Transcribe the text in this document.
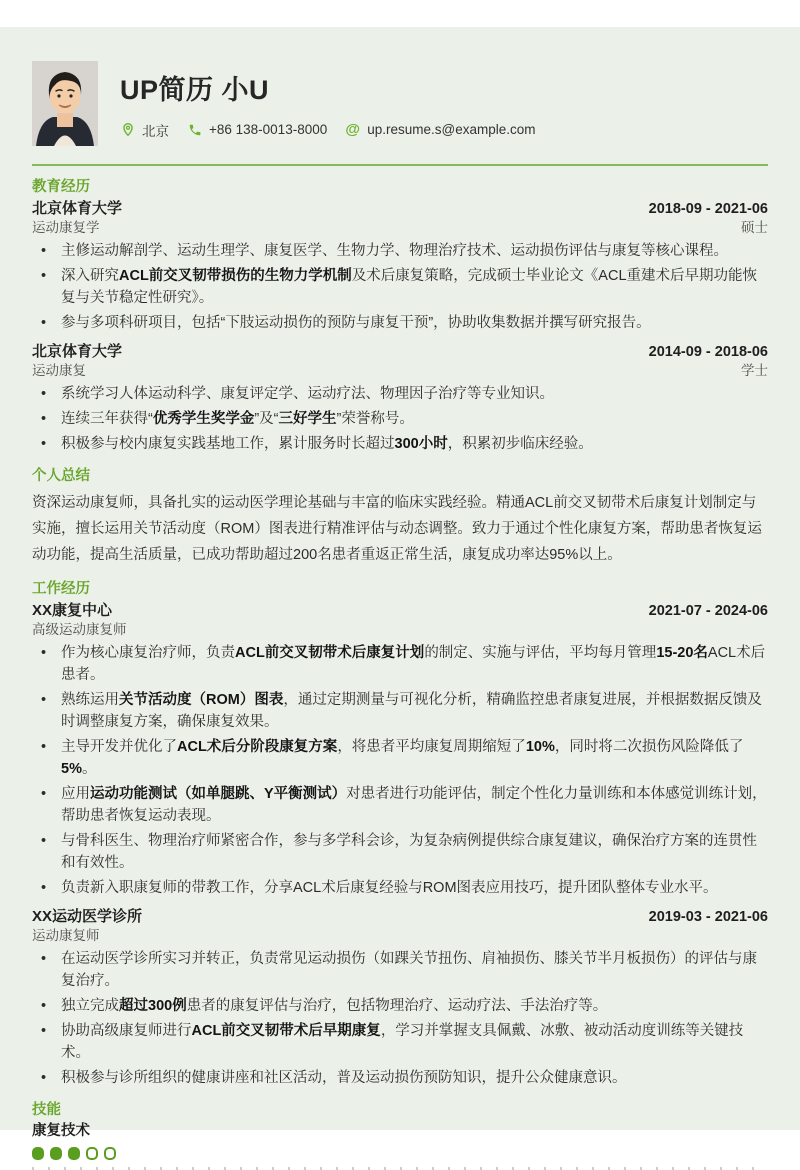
UP简历 小U
北京	+86 138-0013-8000 @ up.resume.s@example.com
教育经历
北京体育大学	2018-09 - 2021-06
运动康复学	硕士
• 主修运动解剖学、运动生理学、康复医学、生物力学、物理治疗技术、运动损伤评估与康复等核心课程。
• 深入研究ACL前交叉韧带损伤的生物力学机制及术后康复策略，完成硕士毕业论文《ACL重建术后早期功能恢复与关节稳定性研究》。
• 参与多项科研项目，包括“下肢运动损伤的预防与康复干预”，协助收集数据并撰写研究报告。
北京体育大学	2014-09 - 2018-06
运动康复	学士
• 系统学习人体运动科学、康复评定学、运动疗法、物理因子治疗等专业知识。
• 连续三年获得“优秀学生奖学金”及“三好学生”荣誉称号。
• 积极参与校内康复实践基地工作，累计服务时长超过300小时，积累初步临床经验。
个人总结

资深运动康复师，具备扎实的运动医学理论基础与丰富的临床实践经验。精通ACL前交叉韧带术后康复计划制定与实施，擅长运用关节活动度（ROM）图表进行精准评估与动态调整。致力于通过个性化康复方案，帮助患者恢复运动功能，提高生活质量，已成功帮助超过200名患者重返正常生活，康复成功率达95%以上。

工作经历
XX康复中心	2021-07 - 2024-06
高级运动康复师
• 作为核心康复治疗师，负责ACL前交叉韧带术后康复计划的制定、实施与评估，平均每月管理15-20名ACL术后患者。
• 熟练运用关节活动度（ROM）图表，通过定期测量与可视化分析，精确监控患者康复进展，并根据数据反馈及时调整康复方案，确保康复效果。
• 主导开发并优化了ACL术后分阶段康复方案，将患者平均康复周期缩短了10%，同时将二次损伤风险降低了5%。
• 应用运动功能测试（如单腿跳、Y平衡测试）对患者进行功能评估，制定个性化力量训练和本体感觉训练计划，帮助患者恢复运动表现。
• 与骨科医生、物理治疗师紧密合作，参与多学科会诊，为复杂病例提供综合康复建议，确保治疗方案的连贯性和有效性。
• 负责新入职康复师的带教工作，分享ACL术后康复经验与ROM图表应用技巧，提升团队整体专业水平。
XX运动医学诊所	2019-03 - 2021-06
运动康复师
• 在运动医学诊所实习并转正，负责常见运动损伤（如踝关节扭伤、肩袖损伤、膝关节半月板损伤）的评估与康复治疗。
• 独立完成超过300例患者的康复评估与治疗，包括物理治疗、运动疗法、手法治疗等。
• 协助高级康复师进行ACL前交叉韧带术后早期康复，学习并掌握支具佩戴、冰敷、被动活动度训练等关键技术。
• 积极参与诊所组织的健康讲座和社区活动，普及运动损伤预防知识，提升公众健康意识。
技能
康复技术
